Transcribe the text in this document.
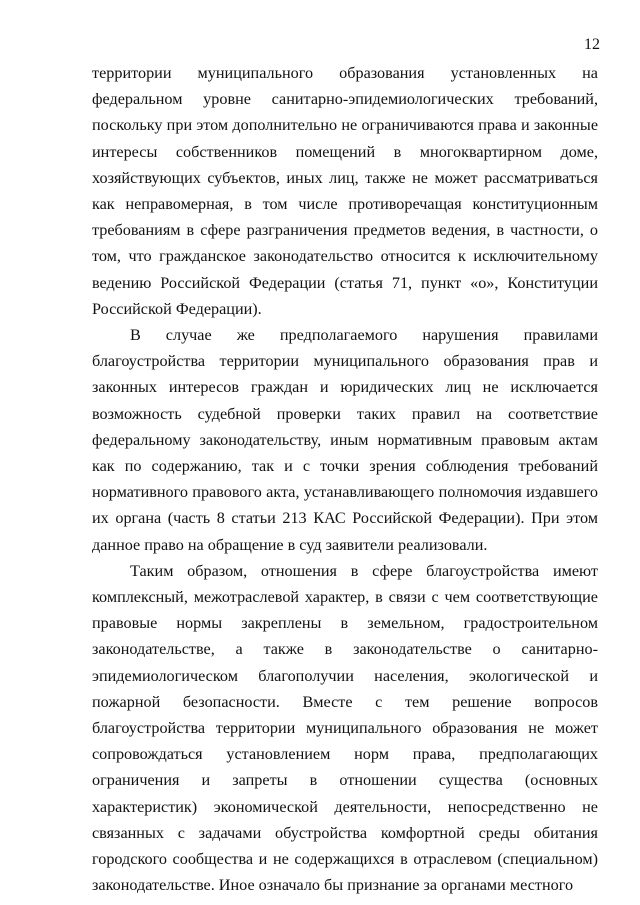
12

территории муниципального образования установленных на федеральном уровне санитарно-эпидемиологических требований, поскольку при этом дополнительно не ограничиваются права и законные интересы собственников помещений в многоквартирном доме, хозяйствующих субъектов, иных лиц, также не может рассматриваться как неправомерная, в том числе противоречащая конституционным требованиям в сфере разграничения предметов ведения, в частности, о том, что гражданское законодательство относится к исключительному ведению Российской Федерации (статья 71, пункт «о», Конституции Российской Федерации).

В случае же предполагаемого нарушения правилами благоустройства территории муниципального образования прав и законных интересов граждан и юридических лиц не исключается возможность судебной проверки таких правил на соответствие федеральному законодательству, иным нормативным правовым актам как по содержанию, так и с точки зрения соблюдения требований нормативного правового акта, устанавливающего полномочия издавшего их органа (часть 8 статьи 213 КАС Российской Федерации). При этом данное право на обращение в суд заявители реализовали.

Таким образом, отношения в сфере благоустройства имеют комплексный, межотраслевой характер, в связи с чем соответствующие правовые нормы закреплены в земельном, градостроительном законодательстве, а также в законодательстве о санитарно-эпидемиологическом благополучии населения, экологической и пожарной безопасности. Вместе с тем решение вопросов благоустройства территории муниципального образования не может сопровождаться установлением норм права, предполагающих ограничения и запреты в отношении существа (основных характеристик) экономической деятельности, непосредственно не связанных с задачами обустройства комфортной среды обитания городского сообщества и не содержащихся в отраслевом (специальном) законодательстве. Иное означало бы признание за органами местного
